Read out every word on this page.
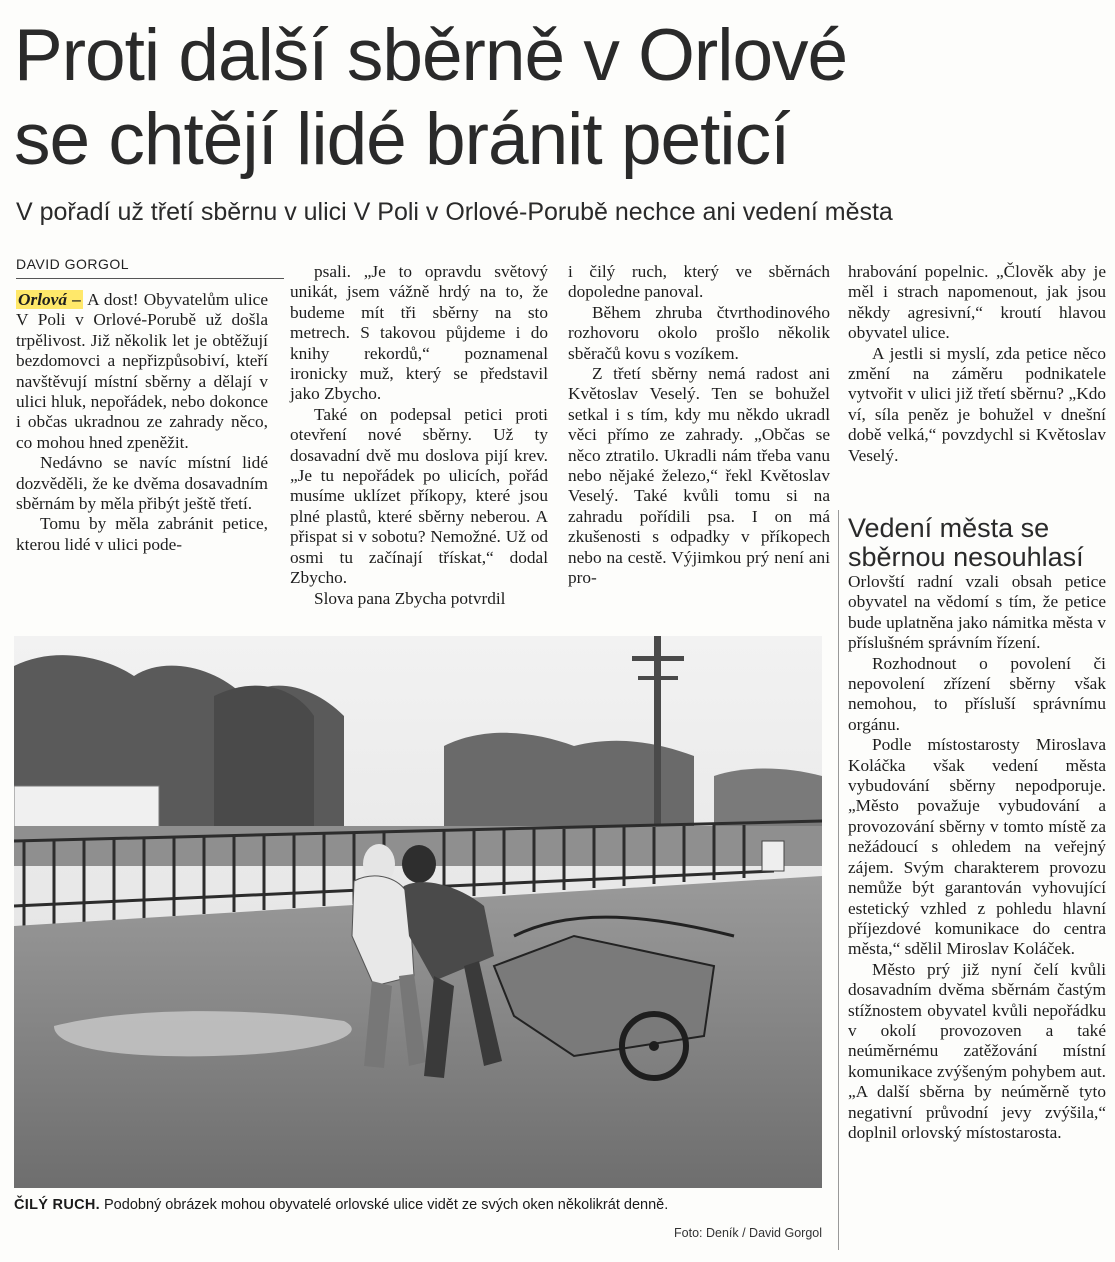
Proti další sběrně v Orlové
se chtějí lidé bránit peticí
V pořadí už třetí sběrnu v ulici V Poli v Orlové-Porubě nechce ani vedení města
DAVID GORGOL

Orlová – A dost! Obyvatelům ulice V Poli v Orlové-Porubě už došla trpělivost. Již několik let je obtěžují bezdomovci a nepřizpůsobiví, kteří navštěvují místní sběrny a dělají v ulici hluk, nepořádek, nebo dokonce i občas ukradnou ze zahrady něco, co mohou hned zpeněžit.

Nedávno se navíc místní lidé dozvěděli, že ke dvěma dosavadním sběrnám by měla přibýt ještě třetí.

Tomu by měla zabránit petice, kterou lidé v ulici pode-

psali. „Je to opravdu světový unikát, jsem vážně hrdý na to, že budeme mít tři sběrny na sto metrech. S takovou půjdeme i do knihy rekordů,“ poznamenal ironicky muž, který se představil jako Zbycho.

Také on podepsal petici proti otevření nové sběrny. Už ty dosavadní dvě mu doslova pijí krev. „Je tu nepořádek po ulicích, pořád musíme uklízet příkopy, které jsou plné plastů, které sběrny neberou. A přispat si v sobotu? Nemožné. Už od osmi tu začínají třískat,“ dodal Zbycho.

Slova pana Zbycha potvrdil

i čilý ruch, který ve sběrnách dopoledne panoval.

Během zhruba čtvrthodinového rozhovoru okolo prošlo několik sběračů kovu s vozíkem.

Z třetí sběrny nemá radost ani Květoslav Veselý. Ten se bohužel setkal i s tím, kdy mu někdo ukradl věci přímo ze zahrady. „Občas se něco ztratilo. Ukradli nám třeba vanu nebo nějaké železo,“ řekl Květoslav Veselý. Také kvůli tomu si na zahradu pořídili psa. I on má zkušenosti s odpadky v příkopech nebo na cestě. Výjimkou prý není ani pro-

hrabování popelnic. „Člověk aby je měl i strach napomenout, jak jsou někdy agresivní,“ kroutí hlavou obyvatel ulice.

A jestli si myslí, zda petice něco změní na záměru podnikatele vytvořit v ulici již třetí sběrnu? „Kdo ví, síla peněz je bohužel v dnešní době velká,“ povzdychl si Květoslav Veselý.

Vedení města se sběrnou nesouhlasí

Orlovští radní vzali obsah petice obyvatel na vědomí s tím, že petice bude uplatněna jako námitka města v příslušném správním řízení.

Rozhodnout o povolení či nepovolení zřízení sběrny však nemohou, to přísluší správnímu orgánu.

Podle místostarosty Miroslava Koláčka však vedení města vybudování sběrny nepodporuje. „Město považuje vybudování a provozování sběrny v tomto místě za nežádoucí s ohledem na veřejný zájem. Svým charakterem provozu nemůže být garantován vyhovující estetický vzhled z pohledu hlavní příjezdové komunikace do centra města,“ sdělil Miroslav Koláček.

Město prý již nyní čelí kvůli dosavadním dvěma sběrnám častým stížnostem obyvatel kvůli nepořádku v okolí provozoven a také neúměrnému zatěžování místní komunikace zvýšeným pohybem aut. „A další sběrna by neúměrně tyto negativní průvodní jevy zvýšila,“ doplnil orlovský místostarosta.

ČILÝ RUCH. Podobný obrázek mohou obyvatelé orlovské ulice vidět ze svých oken několikrát denně.
Foto: Deník / David Gorgol
